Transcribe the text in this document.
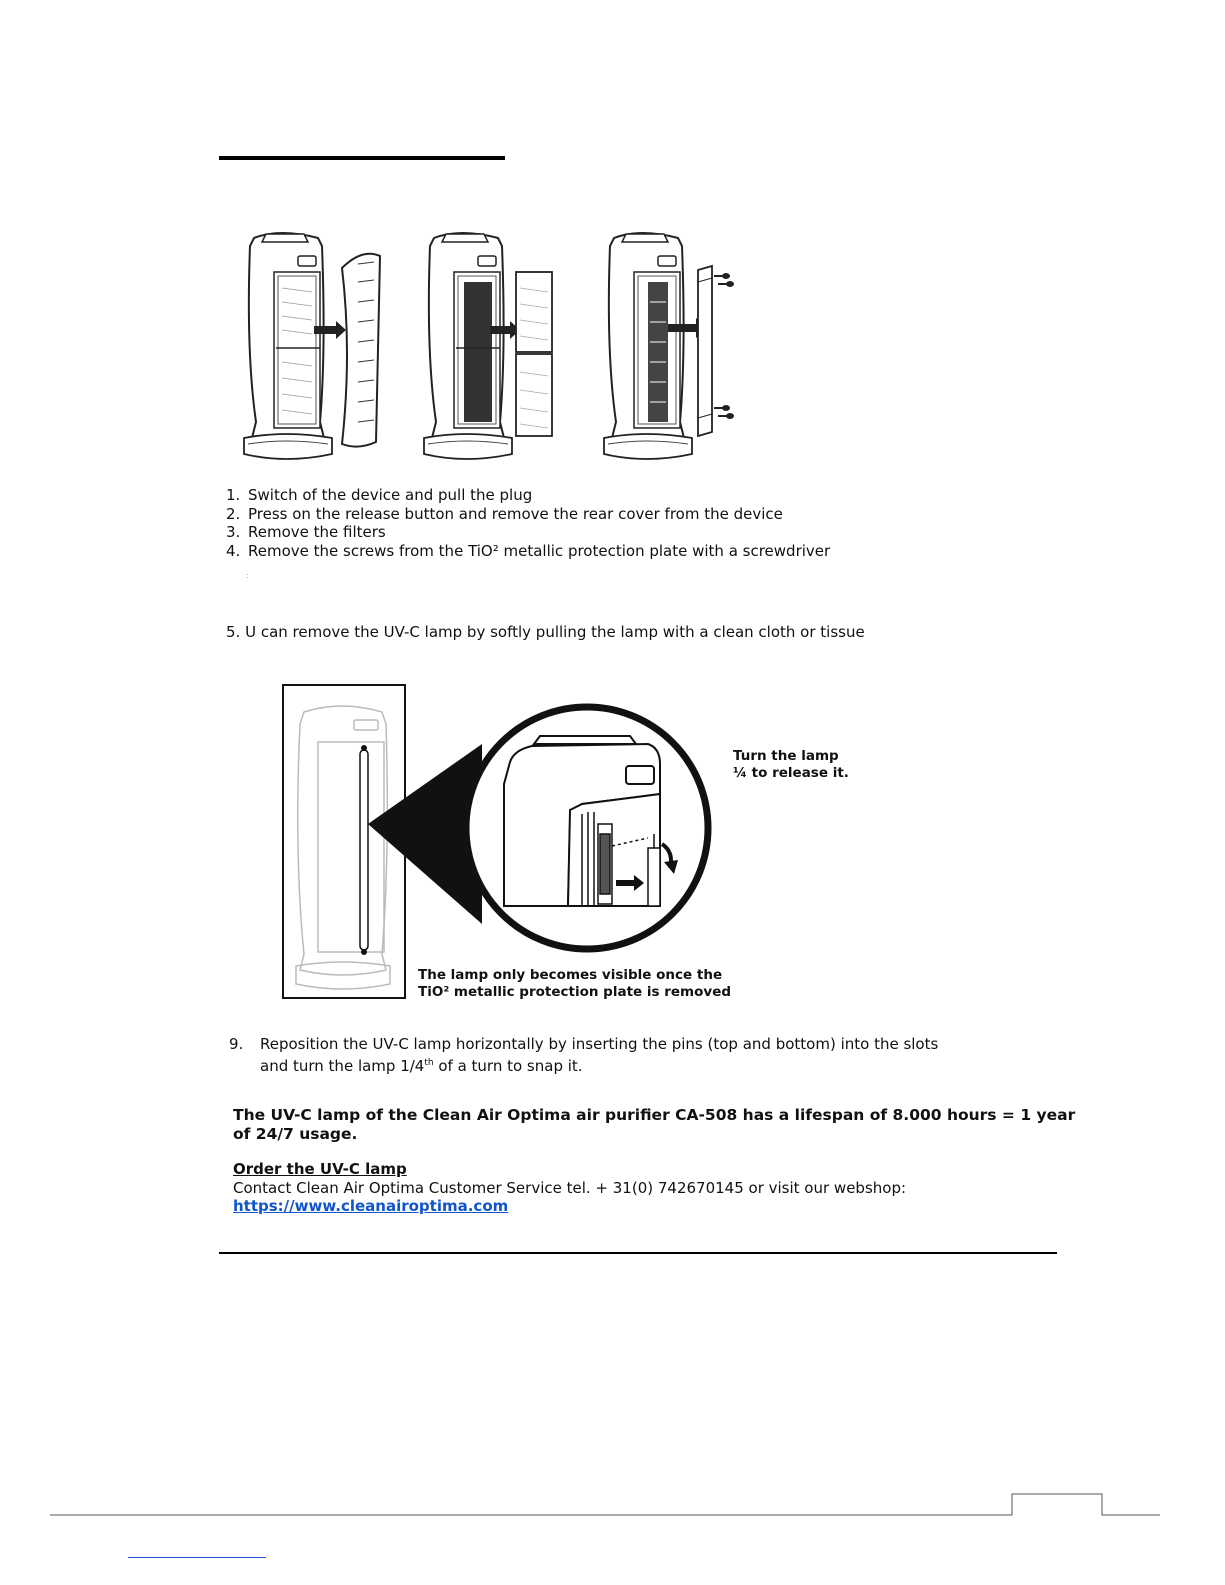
1. Switch of the device and pull the plug
2. Press on the release button and remove the rear cover from the device
3. Remove the filters
4. Remove the screws from the TiO² metallic protection plate with a screwdriver
:
5. U can remove the UV-C lamp by softly pulling the lamp with a clean cloth or tissue
Turn the lamp
¼ to release it.
The lamp only becomes visible once the
TiO² metallic protection plate is removed
9.	Reposition the UV-C lamp horizontally by inserting the pins (top and bottom) into the slots
and turn the lamp 1/4th of a turn to snap it.
The UV-C lamp of the Clean Air Optima air purifier CA-508 has a lifespan of 8.000 hours = 1 year
of 24/7 usage.
Order the UV-C lamp
Contact Clean Air Optima Customer Service tel. + 31(0) 742670145 or visit our webshop:
https://www.cleanairoptima.com
